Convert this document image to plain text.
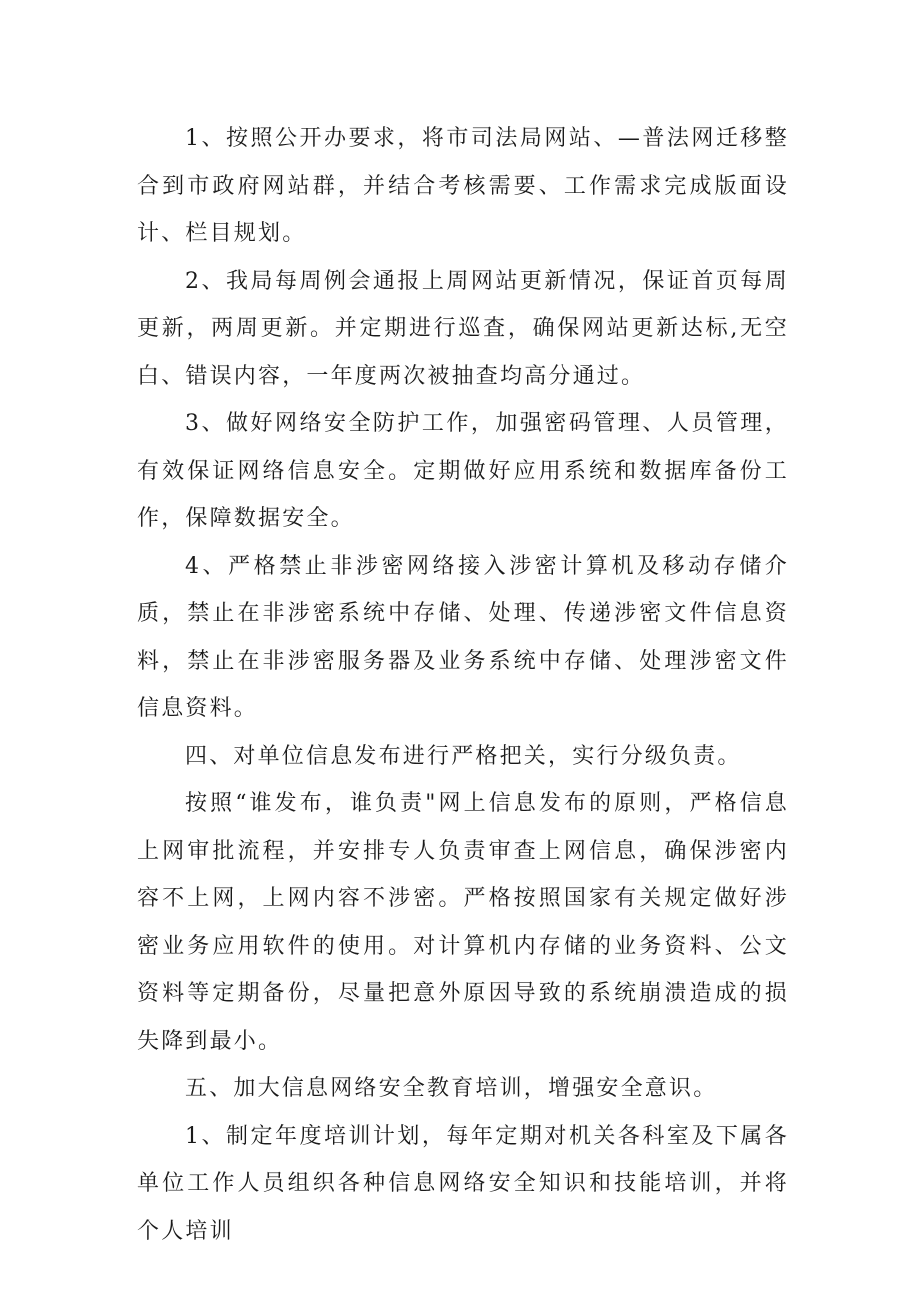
1、按照公开办要求，将市司法局网站、—普法网迁移整合到市政府网站群，并结合考核需要、工作需求完成版面设计、栏目规划。

2、我局每周例会通报上周网站更新情况，保证首页每周更新，两周更新。并定期进行巡査，确保网站更新达标,无空白、错误内容，一年度两次被抽查均高分通过。

3、做好网络安全防护工作，加强密码管理、人员管理，有效保证网络信息安全。定期做好应用系统和数据库备份工作，保障数据安全。

4、严格禁止非涉密网络接入涉密计算机及移动存储介质，禁止在非涉密系统中存储、处理、传递涉密文件信息资料，禁止在非涉密服务器及业务系统中存储、处理涉密文件信息资料。

四、对单位信息发布进行严格把关，实行分级负责。

按照“谁发布，谁负责"网上信息发布的原则，严格信息上网审批流程，并安排专人负责审查上网信息，确保涉密内容不上网，上网内容不涉密。严格按照国家有关规定做好涉密业务应用软件的使用。对计算机内存储的业务资料、公文资料等定期备份，尽量把意外原因导致的系统崩溃造成的损失降到最小。

五、加大信息网络安全教育培训，增强安全意识。

1、制定年度培训计划，每年定期对机关各科室及下属各单位工作人员组织各种信息网络安全知识和技能培训，并将个人培训
